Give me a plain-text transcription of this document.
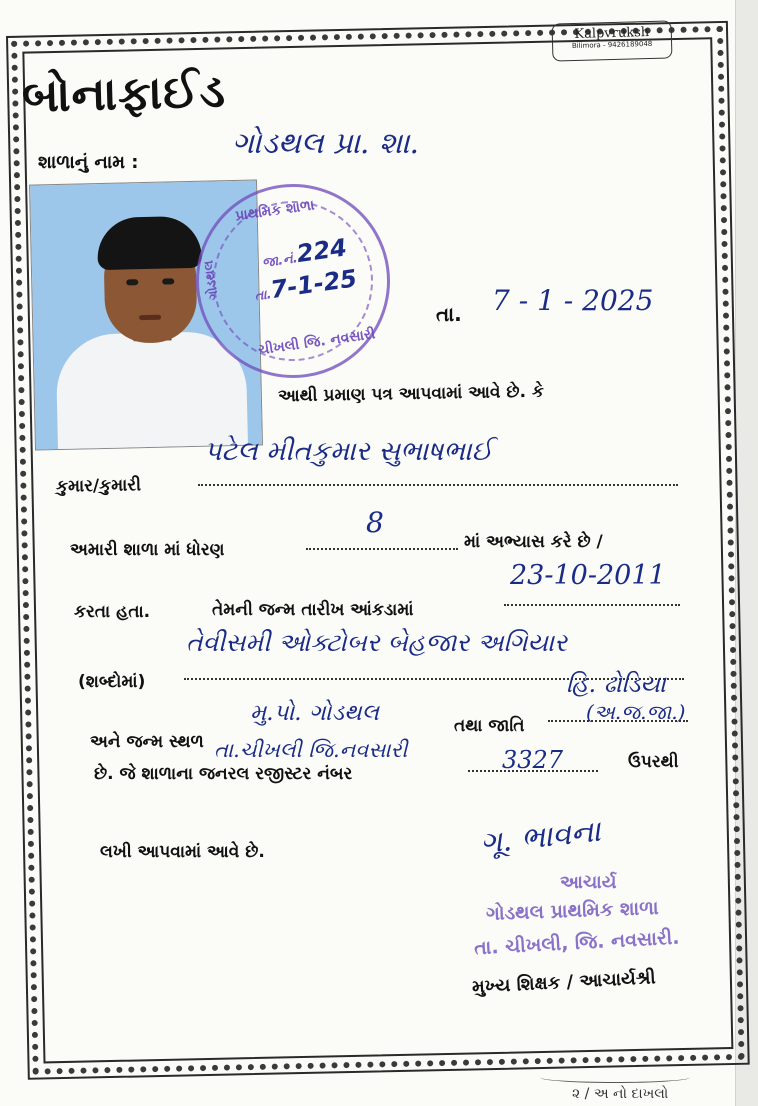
Kalpvruksh
Bilimora - 9426189048
બોનાફાઈડ
શાળાનું નામ :
ગોડથલ પ્રા. શા.
પ્રાથમિક શાળા
ગોડથલ
ચીખલી જિ. નવસારી
જા.નં.224
તા.7-1-25
તા. 7 - 1 - 2025
આથી પ્રમાણ પત્ર આપવામાં આવે છે. કે
કુમાર/કુમારી
પટેલ મીતકુમાર સુભાષભાઈ
અમારી શાળા માં ધોરણ
8
માં અભ્યાસ કરે છે /
કરતા હતા.	તેમની જન્મ તારીખ આંકડામાં
23-10-2011
(શબ્દોમાં)
તેવીસમી ઓક્ટોબર બેહજાર અગિયાર
અને જન્મ સ્થળ
મુ.પો. ગોડથલ
તા.ચીખલી જિ.નવસારી
તથા જાતિ
હિ. ઢોડિયા
(અ.જ.જા.)
છે. જે શાળાના જનરલ રજીસ્ટર નંબર	3327	ઉપરથી
લખી આપવામાં આવે છે.	ગૂ. ભાવના
આચાર્ય
ગોડથલ પ્રાથમિક શાળા
તા. ચીખલી, જિ. નવસારી.
મુખ્ય શિક્ષક / આચાર્યશ્રી
૨ / અ નો દાખલો
